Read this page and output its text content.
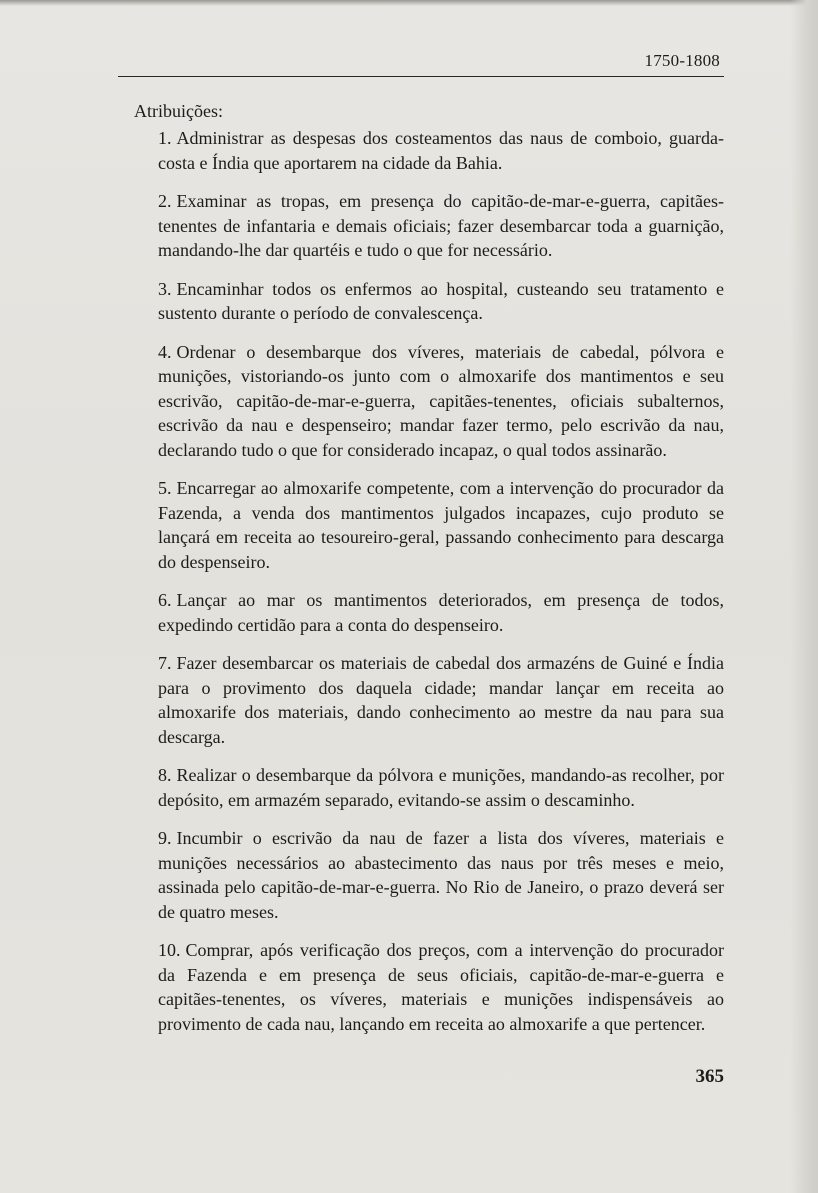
1750-1808
Atribuições:
1. Administrar as despesas dos costeamentos das naus de comboio, guarda-costa e Índia que aportarem na cidade da Bahia.
2. Examinar as tropas, em presença do capitão-de-mar-e-guerra, capitães-tenentes de infantaria e demais oficiais; fazer desembarcar toda a guarnição, mandando-lhe dar quartéis e tudo o que for necessário.
3. Encaminhar todos os enfermos ao hospital, custeando seu tratamento e sustento durante o período de convalescença.
4. Ordenar o desembarque dos víveres, materiais de cabedal, pólvora e munições, vistoriando-os junto com o almoxarife dos mantimentos e seu escrivão, capitão-de-mar-e-guerra, capitães-tenentes, oficiais subalternos, escrivão da nau e despenseiro; mandar fazer termo, pelo escrivão da nau, declarando tudo o que for considerado incapaz, o qual todos assinarão.
5. Encarregar ao almoxarife competente, com a intervenção do procurador da Fazenda, a venda dos mantimentos julgados incapazes, cujo produto se lançará em receita ao tesoureiro-geral, passando conhecimento para descarga do despenseiro.
6. Lançar ao mar os mantimentos deteriorados, em presença de todos, expedindo certidão para a conta do despenseiro.
7. Fazer desembarcar os materiais de cabedal dos armazéns de Guiné e Índia para o provimento dos daquela cidade; mandar lançar em receita ao almoxarife dos materiais, dando conhecimento ao mestre da nau para sua descarga.
8. Realizar o desembarque da pólvora e munições, mandando-as recolher, por depósito, em armazém separado, evitando-se assim o descaminho.
9. Incumbir o escrivão da nau de fazer a lista dos víveres, materiais e munições necessários ao abastecimento das naus por três meses e meio, assinada pelo capitão-de-mar-e-guerra. No Rio de Janeiro, o prazo deverá ser de quatro meses.
10. Comprar, após verificação dos preços, com a intervenção do procurador da Fazenda e em presença de seus oficiais, capitão-de-mar-e-guerra e capitães-tenentes, os víveres, materiais e munições indispensáveis ao provimento de cada nau, lançando em receita ao almoxarife a que pertencer.
365
